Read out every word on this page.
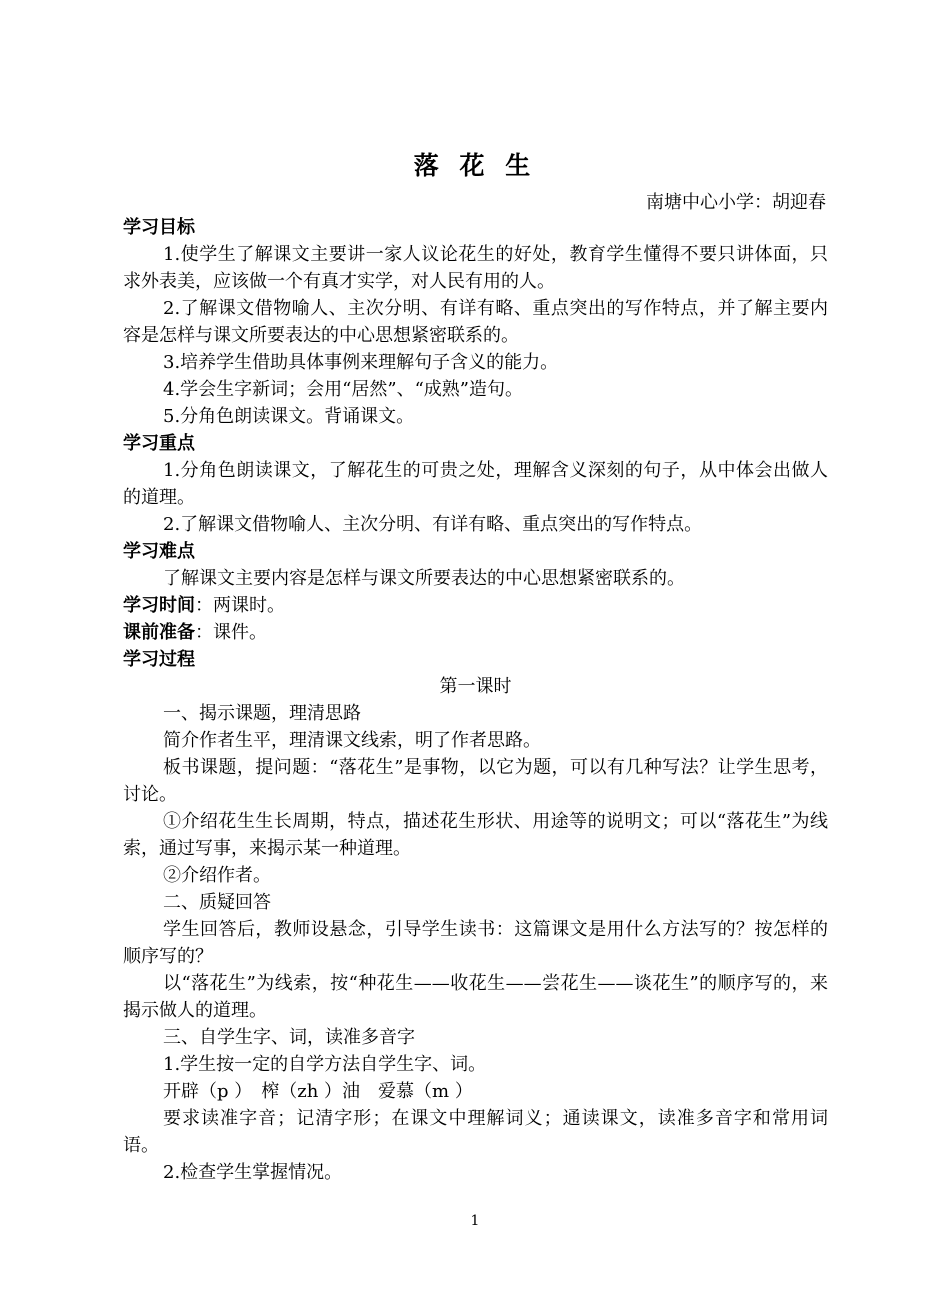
落 花 生
南塘中心小学：胡迎春

学习目标

1.使学生了解课文主要讲一家人议论花生的好处，教育学生懂得不要只讲体面，只求外表美，应该做一个有真才实学，对人民有用的人。

2.了解课文借物喻人、主次分明、有详有略、重点突出的写作特点，并了解主要内容是怎样与课文所要表达的中心思想紧密联系的。

3.培养学生借助具体事例来理解句子含义的能力。

4.学会生字新词；会用“居然”、“成熟”造句。

5.分角色朗读课文。背诵课文。

学习重点

1.分角色朗读课文，了解花生的可贵之处，理解含义深刻的句子，从中体会出做人的道理。

2.了解课文借物喻人、主次分明、有详有略、重点突出的写作特点。

学习难点

了解课文主要内容是怎样与课文所要表达的中心思想紧密联系的。

学习时间：两课时。

课前准备：课件。

学习过程

第一课时

一、揭示课题，理清思路

简介作者生平，理清课文线索，明了作者思路。

板书课题，提问题：“落花生”是事物，以它为题，可以有几种写法？让学生思考，讨论。

①介绍花生生长周期，特点，描述花生形状、用途等的说明文；可以“落花生”为线索，通过写事，来揭示某一种道理。

②介绍作者。

二、质疑回答

学生回答后，教师设悬念，引导学生读书：这篇课文是用什么方法写的？按怎样的顺序写的？

以“落花生”为线索，按“种花生——收花生——尝花生——谈花生”的顺序写的，来揭示做人的道理。

三、自学生字、词，读准多音字

1.学生按一定的自学方法自学生字、词。

开辟（p ）　榨（zh ）油　爱慕（m ）

要求读准字音；记清字形；在课文中理解词义；通读课文，读准多音字和常用词语。

2.检查学生掌握情况。

1
